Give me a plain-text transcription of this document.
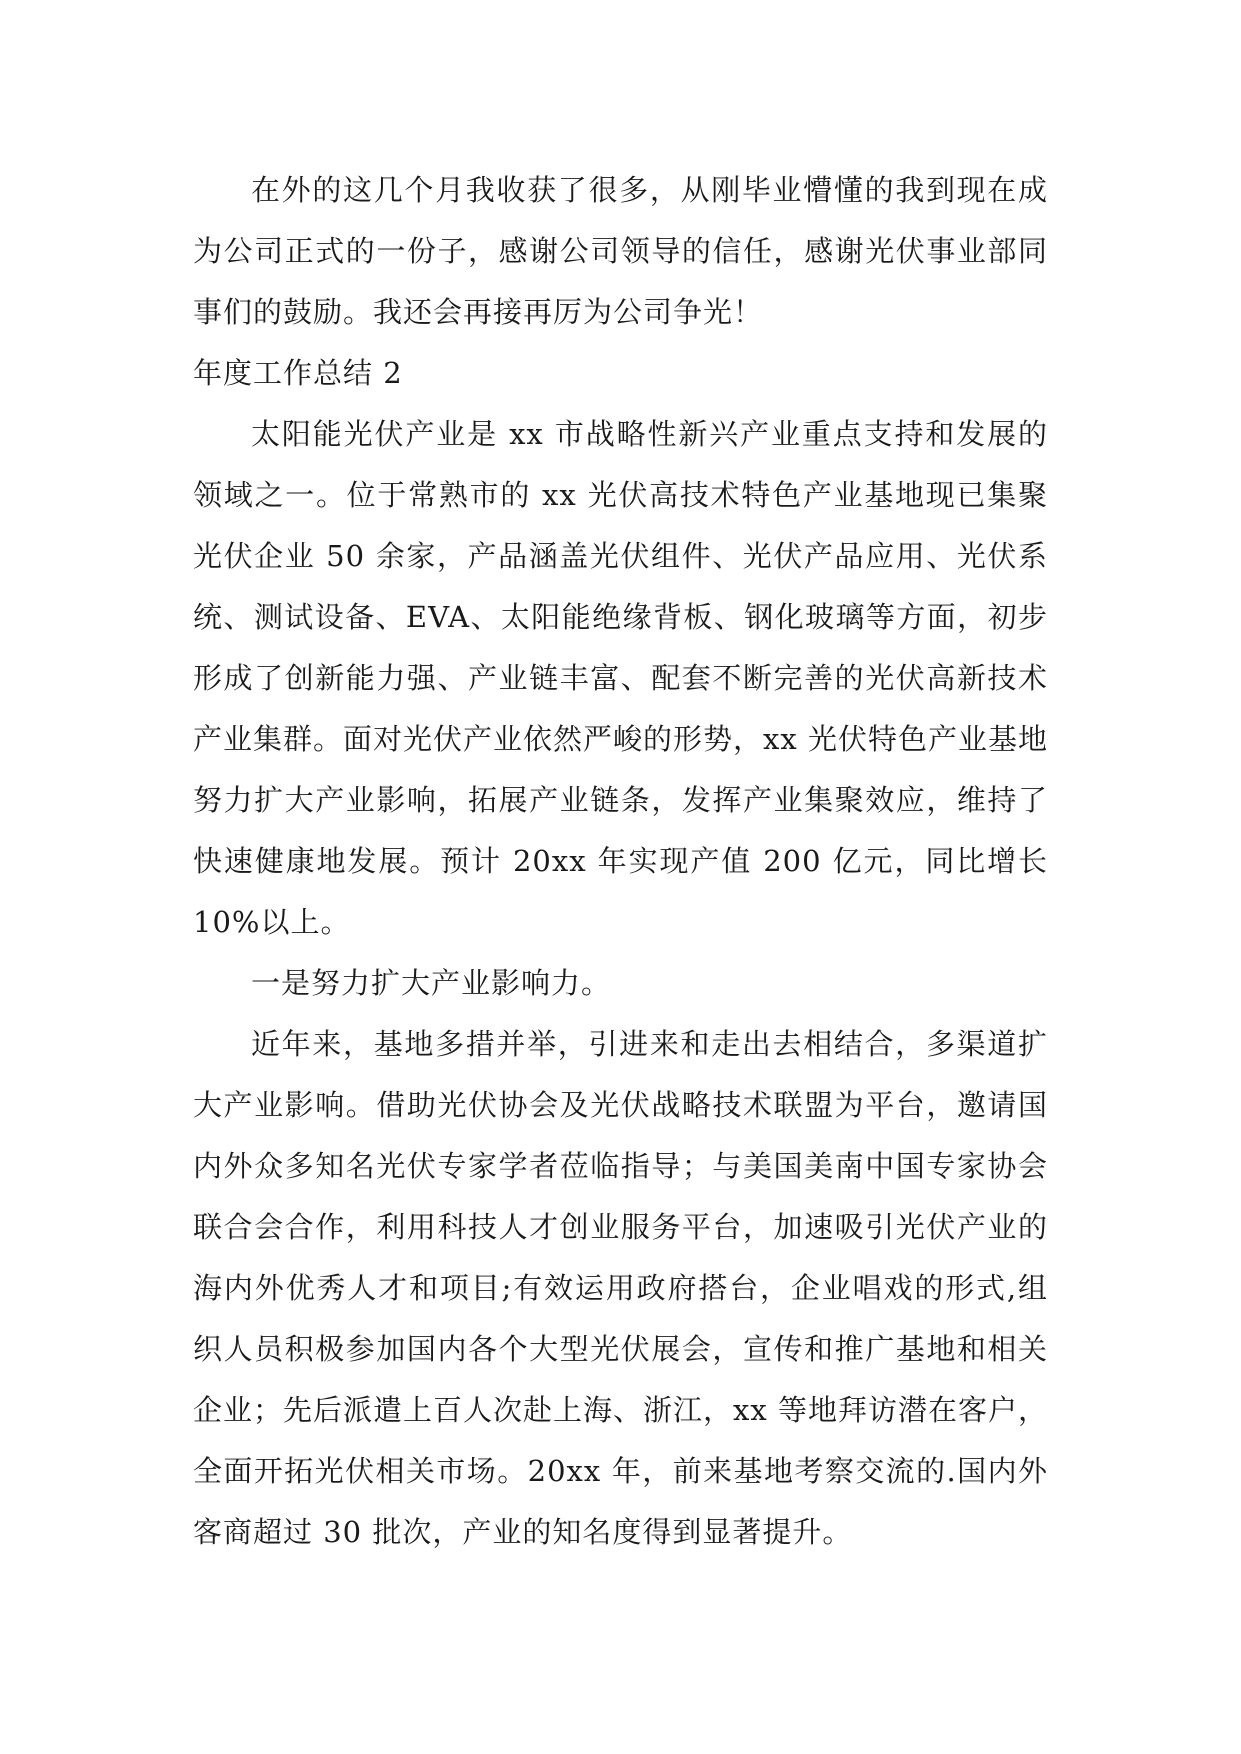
在外的这几个月我收获了很多，从刚毕业懵懂的我到现在成为公司正式的一份子，感谢公司领导的信任，感谢光伏事业部同事们的鼓励。我还会再接再厉为公司争光！

年度工作总结 2

太阳能光伏产业是 xx 市战略性新兴产业重点支持和发展的领域之一。位于常熟市的 xx 光伏高技术特色产业基地现已集聚光伏企业 50 余家，产品涵盖光伏组件、光伏产品应用、光伏系统、测试设备、EVA、太阳能绝缘背板、钢化玻璃等方面，初步形成了创新能力强、产业链丰富、配套不断完善的光伏高新技术产业集群。面对光伏产业依然严峻的形势，xx 光伏特色产业基地努力扩大产业影响，拓展产业链条，发挥产业集聚效应，维持了快速健康地发展。预计 20xx 年实现产值 200 亿元，同比增长 10%以上。

一是努力扩大产业影响力。

近年来，基地多措并举，引进来和走出去相结合，多渠道扩大产业影响。借助光伏协会及光伏战略技术联盟为平台，邀请国内外众多知名光伏专家学者莅临指导；与美国美南中国专家协会联合会合作，利用科技人才创业服务平台，加速吸引光伏产业的海内外优秀人才和项目;有效运用政府搭台，企业唱戏的形式,组织人员积极参加国内各个大型光伏展会，宣传和推广基地和相关企业；先后派遣上百人次赴上海、浙江，xx 等地拜访潜在客户，全面开拓光伏相关市场。20xx 年，前来基地考察交流的.国内外客商超过 30 批次，产业的知名度得到显著提升。
